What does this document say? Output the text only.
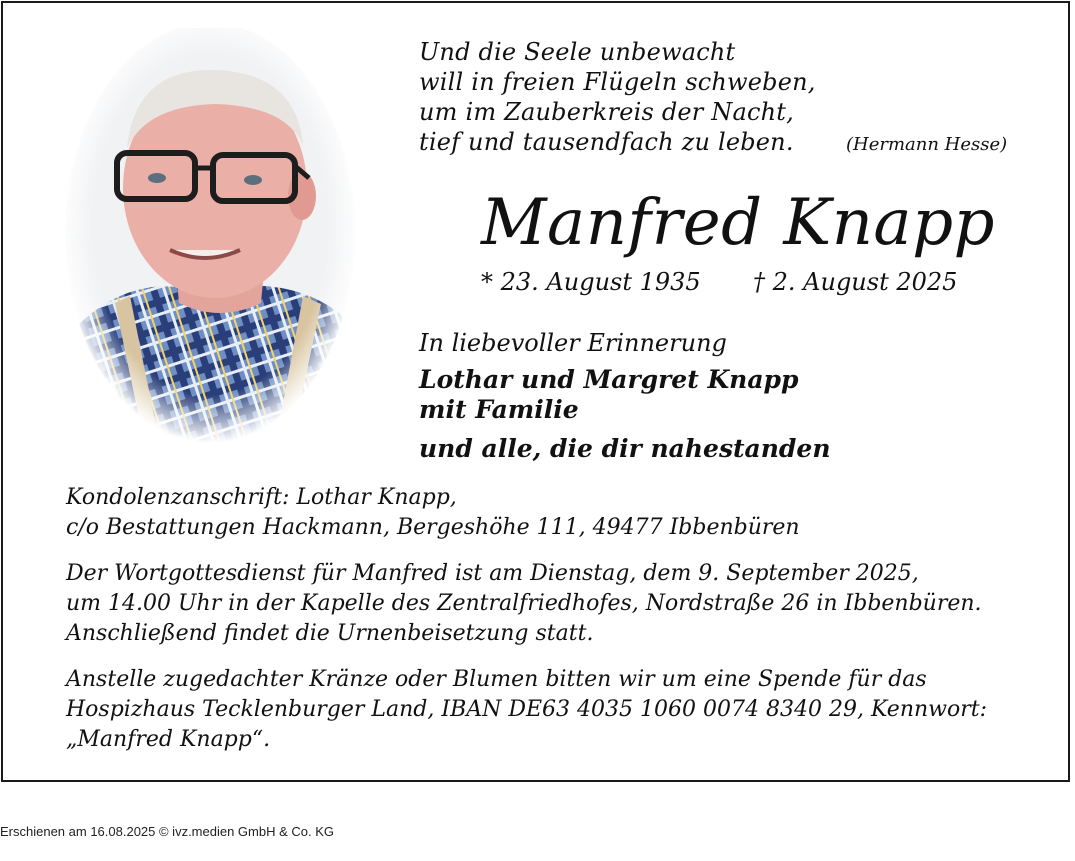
Und die Seele unbewacht
will in freien Flügeln schweben,
um im Zauberkreis der Nacht,
tief und tausendfach zu leben.	(Hermann Hesse)
Manfred Knapp
* 23. August 1935 † 2. August 2025
In liebevoller Erinnerung
Lothar und Margret Knapp
mit Familie
und alle, die dir nahestanden
Kondolenzanschrift: Lothar Knapp,
c/o Bestattungen Hackmann, Bergeshöhe 111, 49477 Ibbenbüren
Der Wortgottesdienst für Manfred ist am Dienstag, dem 9. September 2025,
um 14.00 Uhr in der Kapelle des Zentralfriedhofes, Nordstraße 26 in Ibbenbüren.
Anschließend findet die Urnenbeisetzung statt.
Anstelle zugedachter Kränze oder Blumen bitten wir um eine Spende für das
Hospizhaus Tecklenburger Land, IBAN DE63 4035 1060 0074 8340 29, Kennwort:
„Manfred Knapp“.
Erschienen am 16.08.2025 © ivz.medien GmbH & Co. KG
